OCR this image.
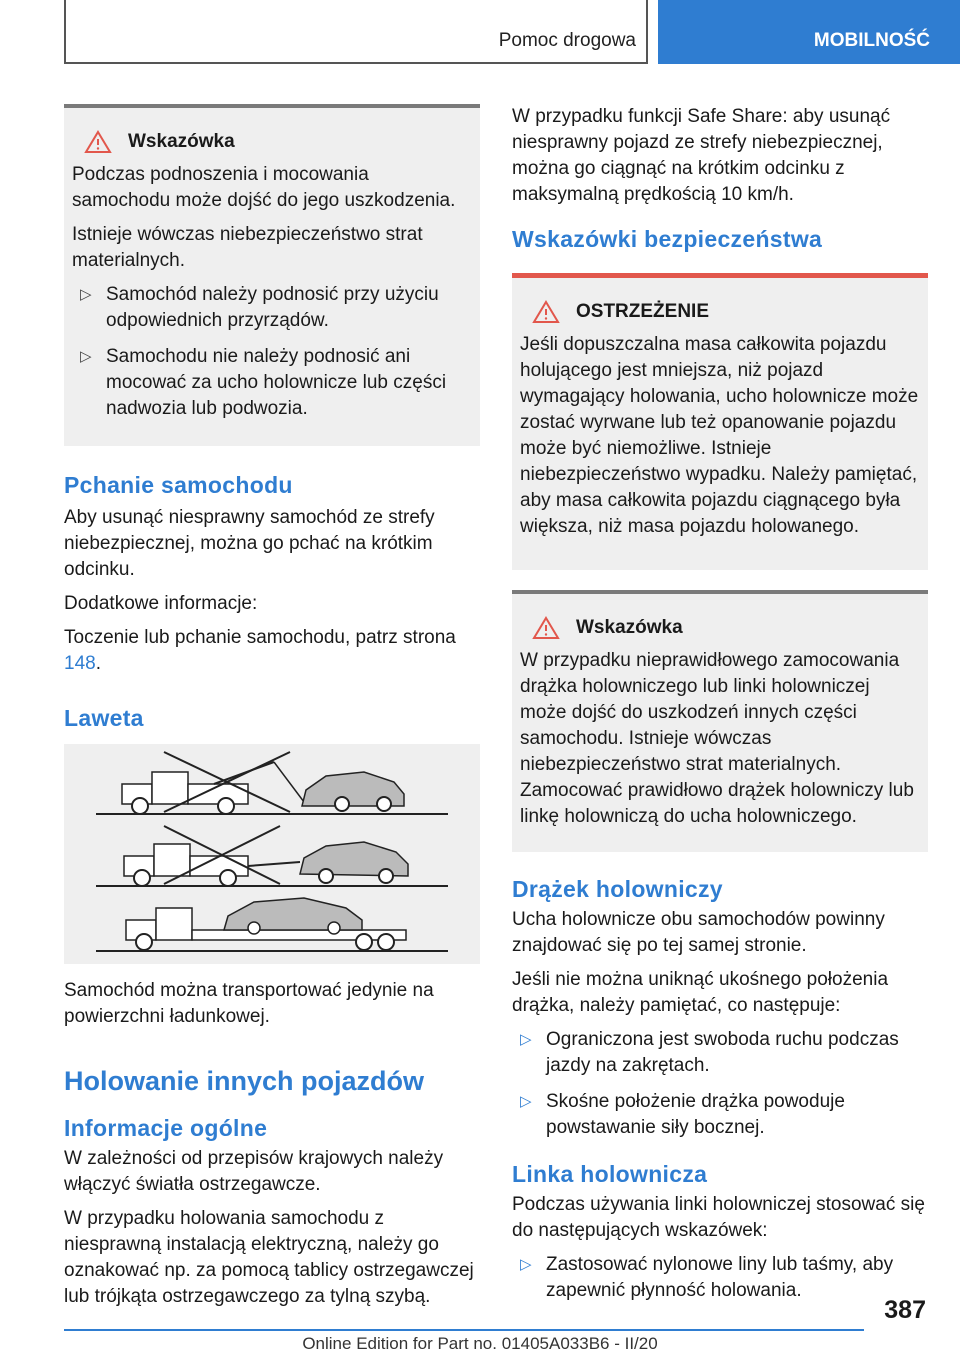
Pomoc drogowa	MOBILNOŚĆ
Wskazówka

Podczas podnoszenia i mocowania samochodu może dojść do jego uszkodzenia.

Istnieje wówczas niebezpieczeństwo strat materialnych.

▷ Samochód należy podnosić przy użyciu odpowiednich przyrządów.
▷ Samochodu nie należy podnosić ani mocować za ucho holownicze lub części nadwozia lub podwozia.
Pchanie samochodu

Aby usunąć niesprawny samochód ze strefy niebezpiecznej, można go pchać na krótkim odcinku.

Dodatkowe informacje:

Toczenie lub pchanie samochodu, patrz strona 148.

Laweta

Samochód można transportować jedynie na powierzchni ładunkowej.

Holowanie innych pojazdów
Informacje ogólne

W zależności od przepisów krajowych należy włączyć światła ostrzegawcze.

W przypadku holowania samochodu z niesprawną instalacją elektryczną, należy go oznakować np. za pomocą tablicy ostrzegawczej lub trójkąta ostrzegawczego za tylną szybą.

W przypadku funkcji Safe Share: aby usunąć niesprawny pojazd ze strefy niebezpiecznej, można go ciągnąć na krótkim odcinku z maksymalną prędkością 10 km/h.

Wskazówki bezpieczeństwa
OSTRZEŻENIE

Jeśli dopuszczalna masa całkowita pojazdu holującego jest mniejsza, niż pojazd wymagający holowania, ucho holownicze może zostać wyrwane lub też opanowanie pojazdu może być niemożliwe. Istnieje niebezpieczeństwo wypadku. Należy pamiętać, aby masa całkowita pojazdu ciągnącego była większa, niż masa pojazdu holowanego.

Wskazówka

W przypadku nieprawidłowego zamocowania drążka holowniczego lub linki holowniczej może dojść do uszkodzeń innych części samochodu. Istnieje wówczas niebezpieczeństwo strat materialnych. Zamocować prawidłowo drążek holowniczy lub linkę holowniczą do ucha holowniczego.

Drążek holowniczy

Ucha holownicze obu samochodów powinny znajdować się po tej samej stronie.

Jeśli nie można uniknąć ukośnego położenia drążka, należy pamiętać, co następuje:

▷ Ograniczona jest swoboda ruchu podczas jazdy na zakrętach.
▷ Skośne położenie drążka powoduje powstawanie siły bocznej.
Linka holownicza

Podczas używania linki holowniczej stosować się do następujących wskazówek:

▷ Zastosować nylonowe liny lub taśmy, aby zapewnić płynność holowania.
387
Online Edition for Part no. 01405A033B6 - II/20
